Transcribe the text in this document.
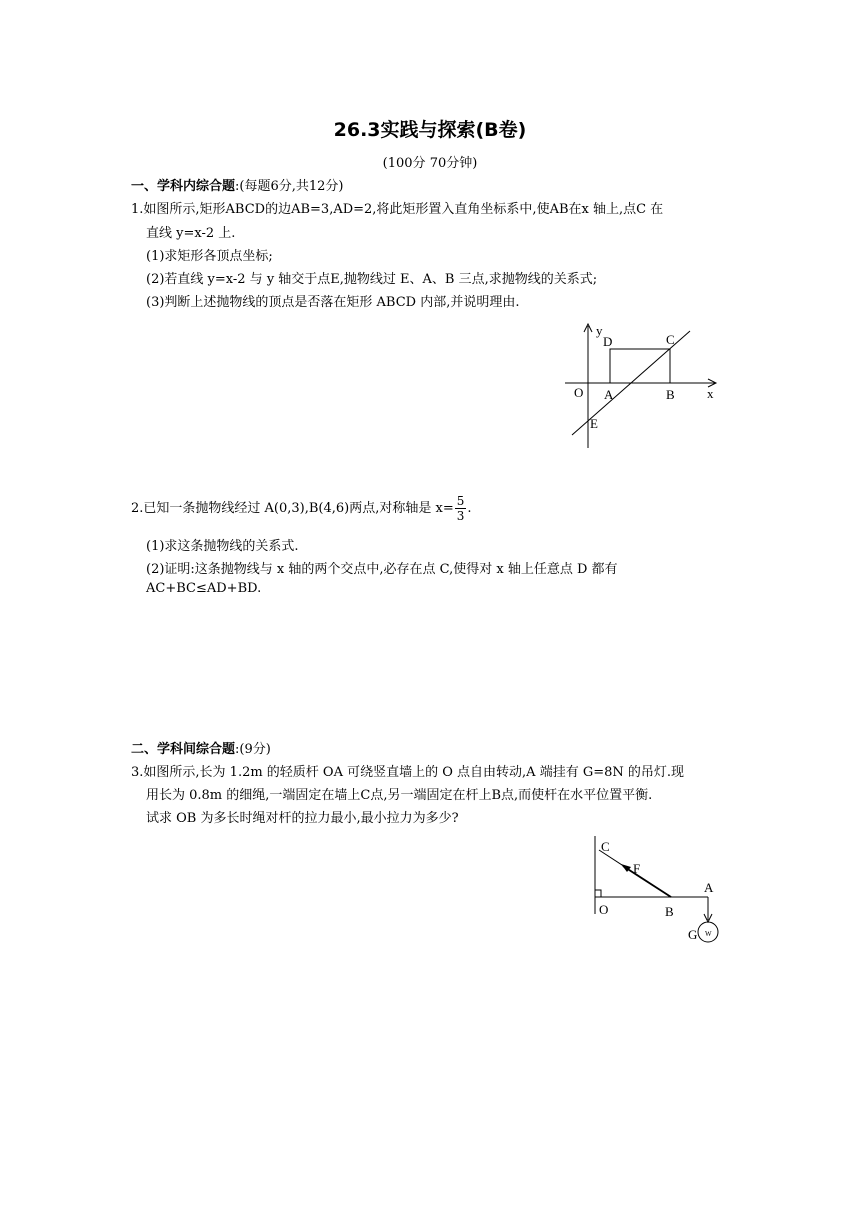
26.3实践与探索(B卷)
(100分 70分钟)
一、学科内综合题:(每题6分,共12分)
1.如图所示,矩形ABCD的边AB=3,AD=2,将此矩形置入直角坐标系中,使AB在x 轴上,点C 在
直线 y=x-2 上.
(1)求矩形各顶点坐标;
(2)若直线 y=x-2 与 y 轴交于点E,抛物线过 E、A、B 三点,求抛物线的关系式;
(3)判断上述抛物线的顶点是否落在矩形 ABCD 内部,并说明理由.
y
D	C
O A	B x
E
2.已知一条抛物线经过 A(0,3),B(4,6)两点,对称轴是 $x= \frac{5}{3}$ .
(1)求这条抛物线的关系式.
(2)证明:这条抛物线与 x 轴的两个交点中,必存在点 C,使得对 x 轴上任意点 D 都有
AC+BC≤AD+BD.
二、学科间综合题:(9分)
3.如图所示,长为 1.2m 的轻质杆 OA 可绕竖直墙上的 O 点自由转动,A 端挂有 G=8N 的吊灯.现
用长为 0.8m 的细绳,一端固定在墙上C点,另一端固定在杆上B点,而使杆在水平位置平衡.
试求 OB 为多长时绳对杆的拉力最小,最小拉力为多少?
W
C
F
A
O	B
G
